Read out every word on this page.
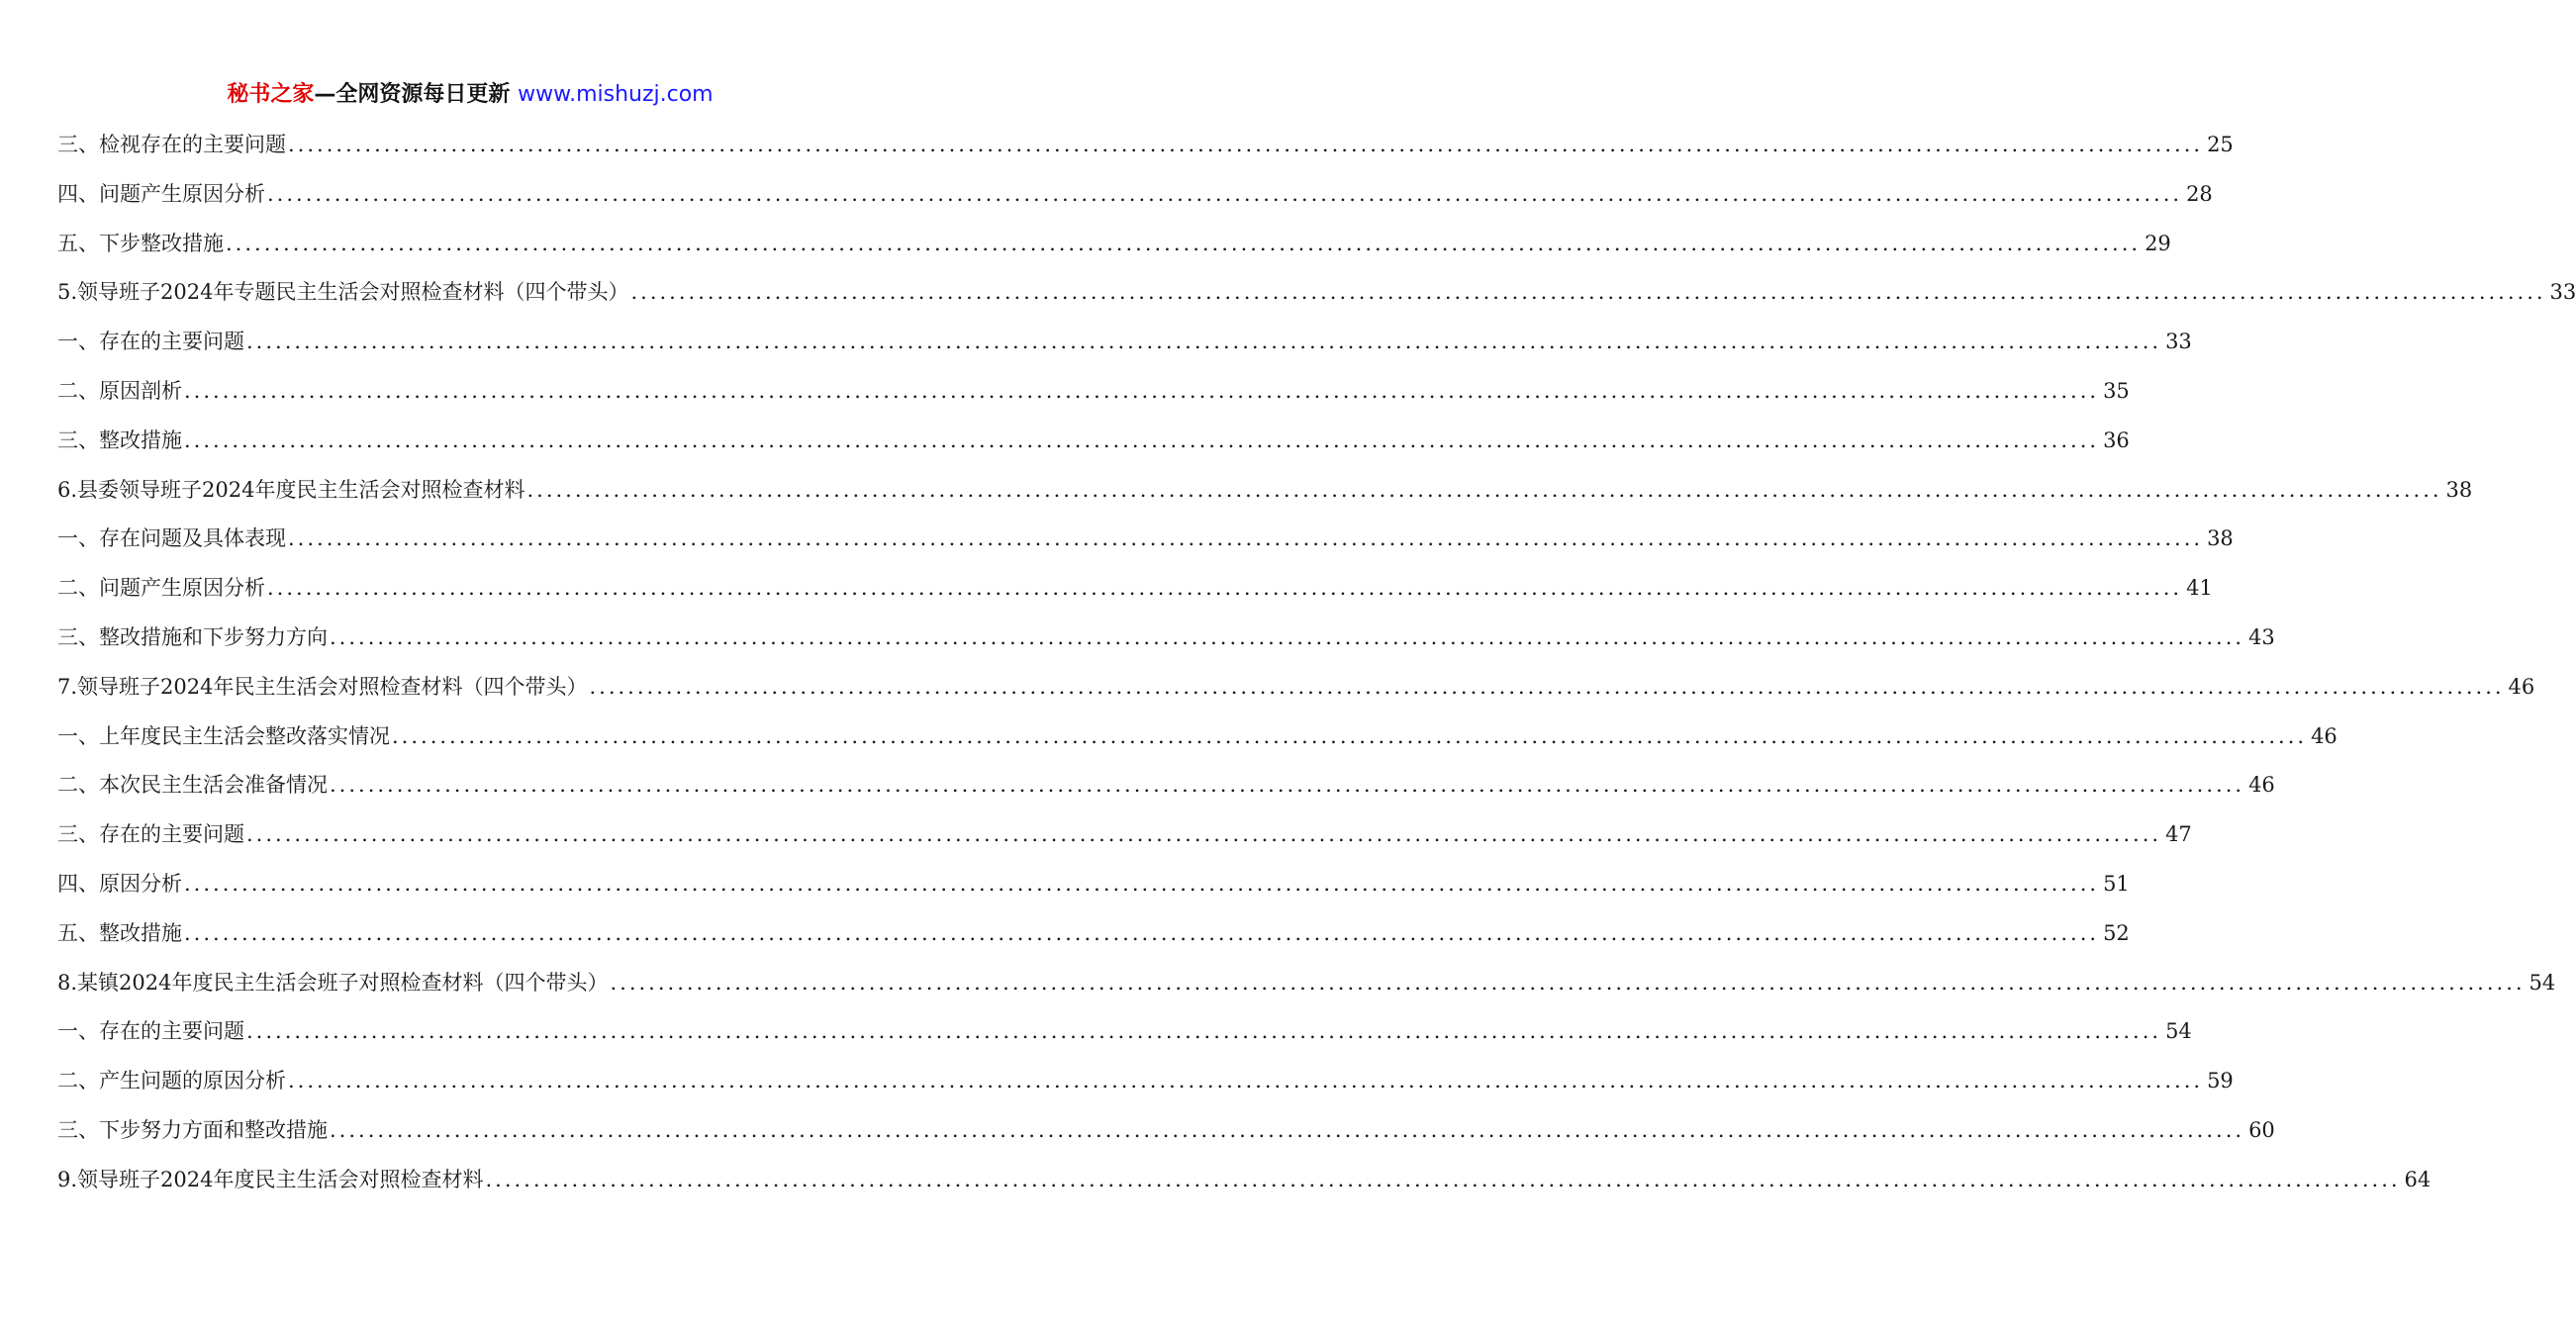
秘书之家—全网资源每日更新 www.mishuzj.com
三、检视存在的主要问题 ........................................................................................................................................................................................................ 25
四、问题产生原因分析 ........................................................................................................................................................................................................ 28
五、下步整改措施 ........................................................................................................................................................................................................ 29
5.领导班子2024年专题民主生活会对照检查材料（四个带头） ........................................................................................................................................................................................................ 33
一、存在的主要问题 ........................................................................................................................................................................................................ 33
二、原因剖析 ........................................................................................................................................................................................................ 35
三、整改措施 ........................................................................................................................................................................................................ 36
6.县委领导班子2024年度民主生活会对照检查材料 ........................................................................................................................................................................................................ 38
一、存在问题及具体表现 ........................................................................................................................................................................................................ 38
二、问题产生原因分析 ........................................................................................................................................................................................................ 41
三、整改措施和下步努力方向 ........................................................................................................................................................................................................ 43
7.领导班子2024年民主生活会对照检查材料（四个带头） ........................................................................................................................................................................................................ 46
一、上年度民主生活会整改落实情况 ........................................................................................................................................................................................................ 46
二、本次民主生活会准备情况 ........................................................................................................................................................................................................ 46
三、存在的主要问题 ........................................................................................................................................................................................................ 47
四、原因分析 ........................................................................................................................................................................................................ 51
五、整改措施 ........................................................................................................................................................................................................ 52
8.某镇2024年度民主生活会班子对照检查材料（四个带头） ........................................................................................................................................................................................................ 54
一、存在的主要问题 ........................................................................................................................................................................................................ 54
二、产生问题的原因分析 ........................................................................................................................................................................................................ 59
三、下步努力方面和整改措施 ........................................................................................................................................................................................................ 60
9.领导班子2024年度民主生活会对照检查材料 ........................................................................................................................................................................................................ 64
